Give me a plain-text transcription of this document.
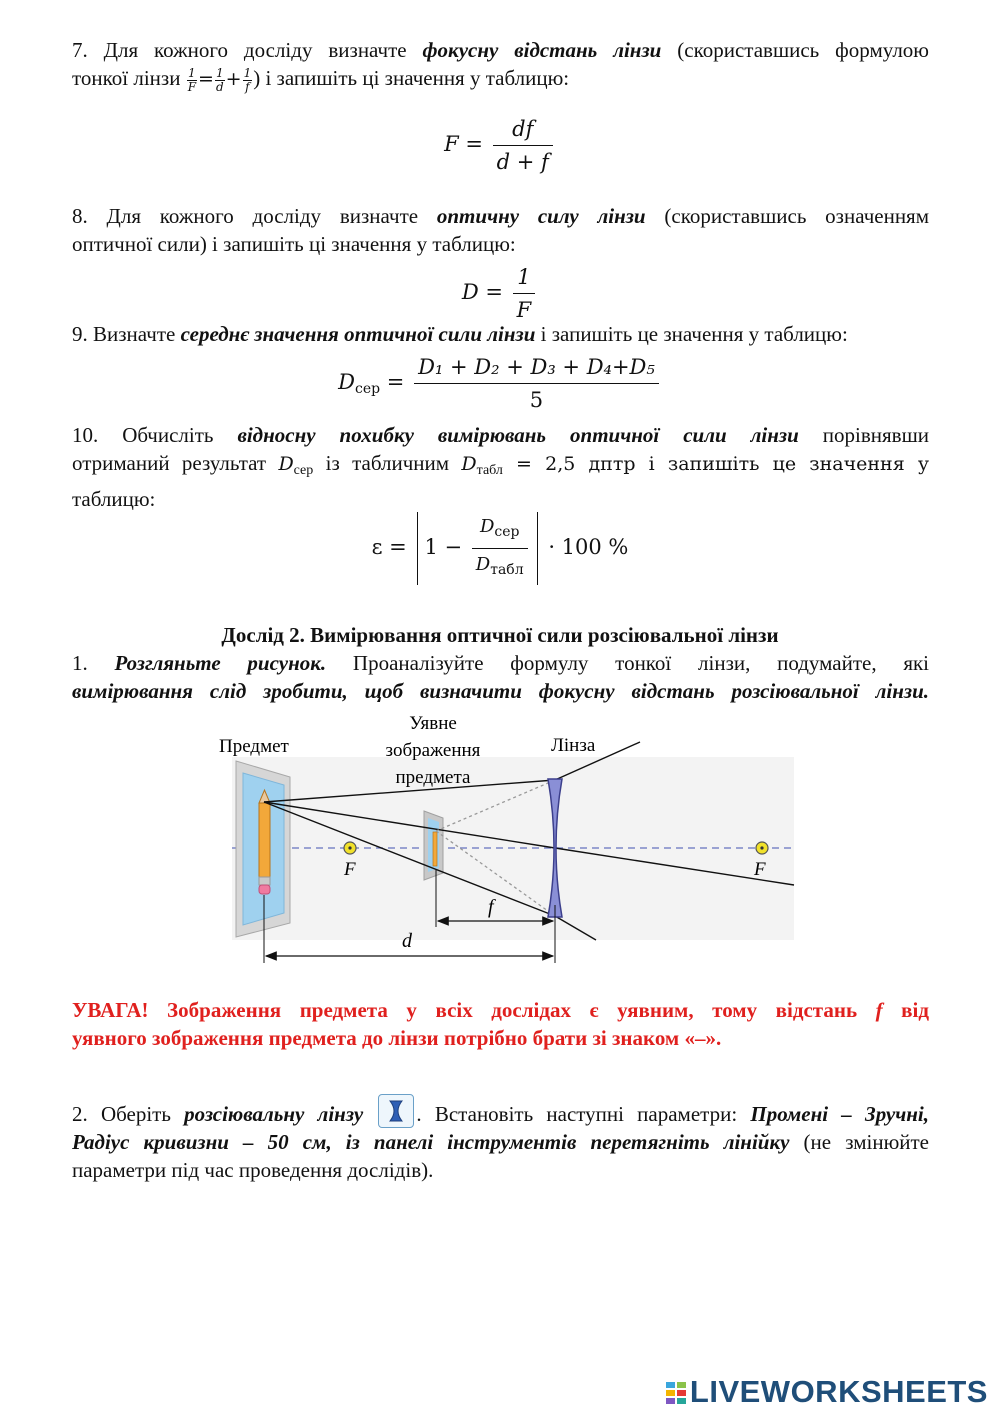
7. Для кожного досліду визначте фокусну відстань лінзи (скориставшись формулою
тонкої лінзи $\frac{1}{F} = \frac{1}{d} + \frac{1}{f}$ ) і запишіть ці значення у таблицю:

$F = \frac{df}{d + f}$

8. Для кожного досліду визначте оптичну силу лінзи (скориставшись означенням
оптичної сили) і запишіть ці значення у таблицю:

$D = \frac{1}{F}$

9. Визначте середнє значення оптичної сили лінзи і запишіть це значення у таблицю:

$D_{сер} = \frac{\text{D₁ + D₂ + D₃ + D₄+D₅}}{5}$

10. Обчисліть відносну похибку вимірювань оптичної сили лінзи порівнявши
отриманий результат $D_{сер}$ із табличним $D_{табл} = 2,5$ дптр і запишіть це значення у
таблицю:

$\varepsilon = 1 - \frac{D_{сер}}{D_{табл}} \cdot 100$ %
Дослід 2. Вимірювання оптичної сили розсіювальної лінзи

1. Розгляньте рисунок. Проаналізуйте формулу тонкої лінзи, подумайте, які
вимірювання слід зробити, щоб визначити фокусну відстань розсіювальної лінзи.

Предмет
Уявне
зображення
предмета
Лінза
F	F
f
d

УВАГА! Зображення предмета у всіх дослідах є уявним, тому відстань f від
уявного зображення предмета до лінзи потрібно брати зі знаком «–».

2. Оберіть розсіювальну лінзу	. Встановіть наступні параметри: Промені – Зручні,
Радіус кривизни – 50 см, із панелі інструментів перетягніть лінійку (не змінюйте
параметри під час проведення дослідів).

LIVEWORKSHEETS
